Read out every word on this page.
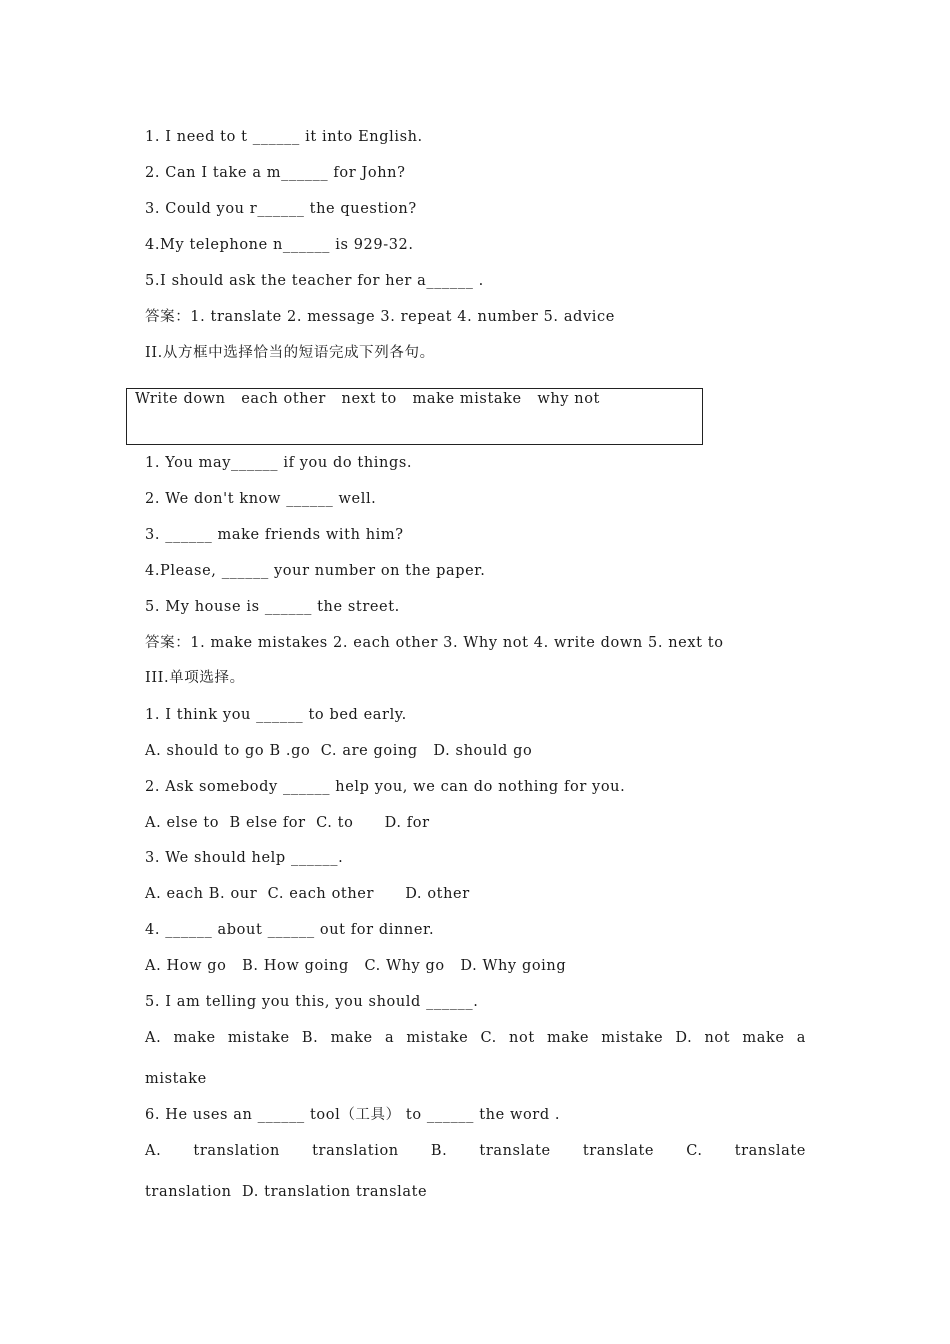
1. I need to t ______ it into English.
2. Can I take a m______ for John?
3. Could you r______ the question?
4.My telephone n______ is 929-32.
5.I should ask the teacher for her a______ .
答案：1. translate 2. message 3. repeat 4. number 5. advice
II.从方框中选择恰当的短语完成下列各句。
Write down   each other   next to   make mistake   why not
1. You may______ if you do things.
2. We don't know ______ well.
3. ______ make friends with him?
4.Please, ______ your number on the paper.
5. My house is ______ the street.
答案：1. make mistakes 2. each other 3. Why not 4. write down 5. next to
III.单项选择。
1. I think you ______ to bed early.
A. should to go B .go  C. are going   D. should go
2. Ask somebody ______ help you, we can do nothing for you.
A. else to  B else for  C. to      D. for
3. We should help ______.
A. each B. our  C. each other      D. other
4. ______ about ______ out for dinner.
A. How go   B. How going   C. Why go   D. Why going
5. I am telling you this, you should ______.
A. make mistake B. make a mistake C. not make mistake D. not make a
mistake
6. He uses an ______ tool（工具） to ______ the word .
A. translation translation B. translate translate C. translate
translation  D. translation translate
